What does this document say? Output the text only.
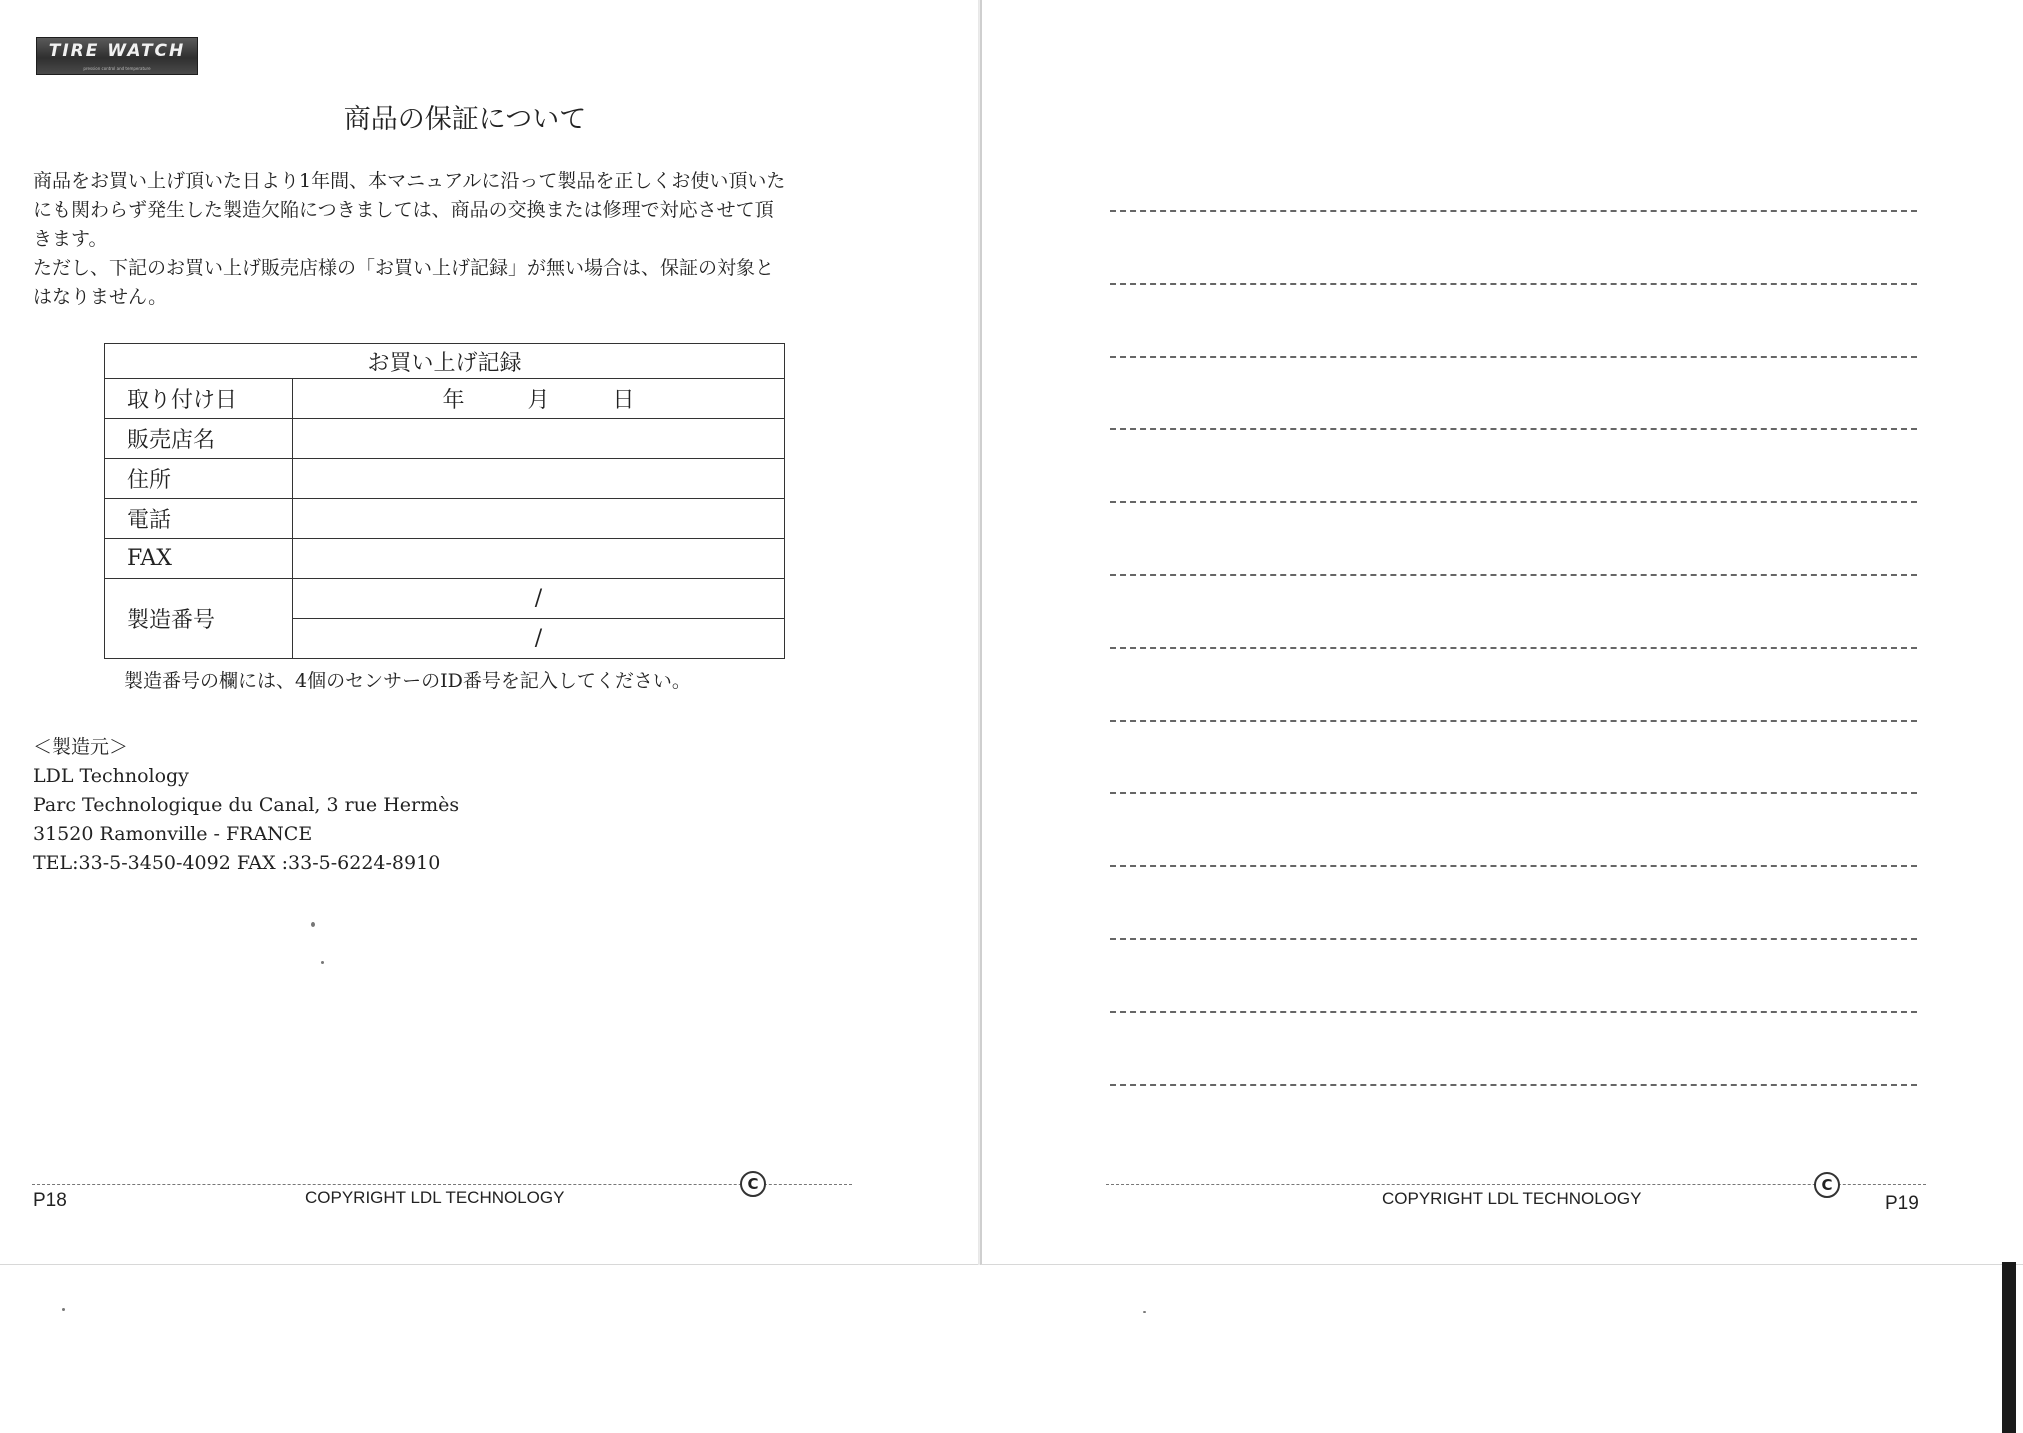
TIRE WATCH
pression control and temperature
商品の保証について
商品をお買い上げ頂いた日より1年間、本マニュアルに沿って製品を正しくお使い頂いた
にも関わらず発生した製造欠陥につきましては、商品の交換または修理で対応させて頂
きます。
ただし、下記のお買い上げ販売店様の「お買い上げ記録」が無い場合は、保証の対象と
はなりません。
お買い上げ記録	
取り付け日	年 月 日
販売店名	
住所	
電話	
FAX	
製造番号	/
	/
製造番号の欄には、4個のセンサーのID番号を記入してください。
＜製造元＞
LDL Technology
Parc Technologique du Canal, 3 rue Hermès
31520 Ramonville - FRANCE
TEL:33-5-3450-4092 FAX :33-5-6224-8910
P18	COPYRIGHT LDL TECHNOLOGY
C
COPYRIGHT LDL TECHNOLOGY
C
P19
